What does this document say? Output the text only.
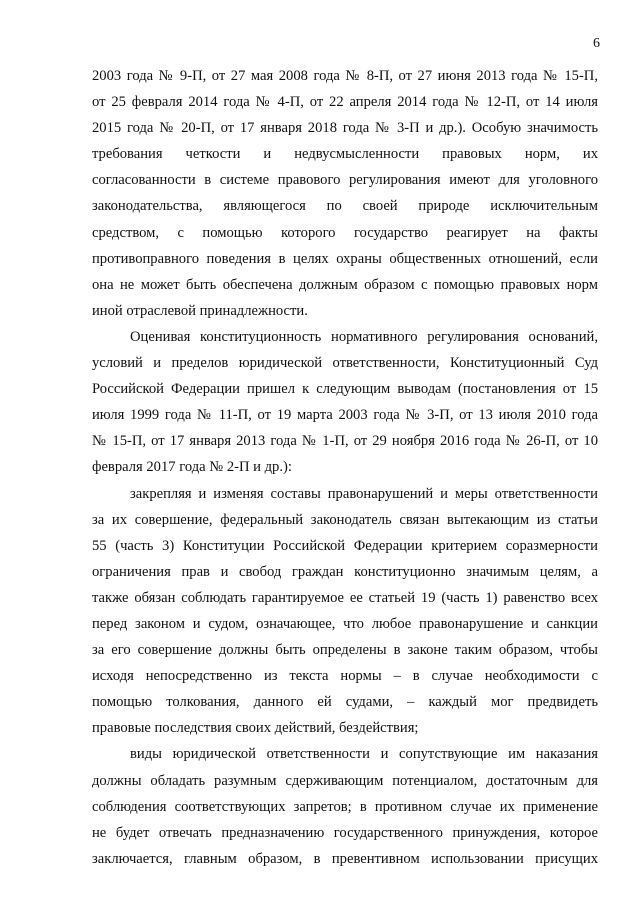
6
2003 года № 9-П, от 27 мая 2008 года № 8-П, от 27 июня 2013 года № 15-П,
от 25 февраля 2014 года № 4-П, от 22 апреля 2014 года № 12-П, от 14 июля
2015 года № 20-П, от 17 января 2018 года № 3-П и др.). Особую значимость
требования четкости и недвусмысленности правовых норм, их
согласованности в системе правового регулирования имеют для уголовного
законодательства, являющегося по своей природе исключительным
средством, с помощью которого государство реагирует на факты
противоправного поведения в целях охраны общественных отношений, если
она не может быть обеспечена должным образом с помощью правовых норм
иной отраслевой принадлежности.
Оценивая конституционность нормативного регулирования оснований,
условий и пределов юридической ответственности, Конституционный Суд
Российской Федерации пришел к следующим выводам (постановления от 15
июля 1999 года № 11-П, от 19 марта 2003 года № 3-П, от 13 июля 2010 года
№ 15-П, от 17 января 2013 года № 1-П, от 29 ноября 2016 года № 26-П, от 10
февраля 2017 года № 2-П и др.):
закрепляя и изменяя составы правонарушений и меры ответственности
за их совершение, федеральный законодатель связан вытекающим из статьи
55 (часть 3) Конституции Российской Федерации критерием соразмерности
ограничения прав и свобод граждан конституционно значимым целям, а
также обязан соблюдать гарантируемое ее статьей 19 (часть 1) равенство всех
перед законом и судом, означающее, что любое правонарушение и санкции
за его совершение должны быть определены в законе таким образом, чтобы
исходя непосредственно из текста нормы – в случае необходимости с
помощью толкования, данного ей судами, – каждый мог предвидеть
правовые последствия своих действий, бездействия;
виды юридической ответственности и сопутствующие им наказания
должны обладать разумным сдерживающим потенциалом, достаточным для
соблюдения соответствующих запретов; в противном случае их применение
не будет отвечать предназначению государственного принуждения, которое
заключается, главным образом, в превентивном использовании присущих
